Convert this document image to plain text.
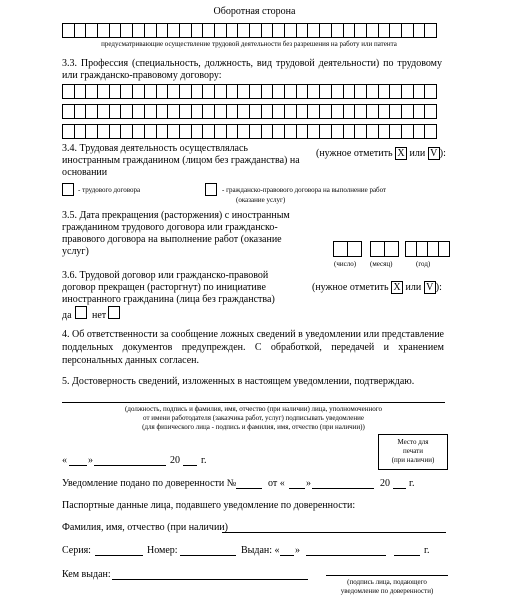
Оборотная сторона
предусматривающие осуществление трудовой деятельности без разрешения на работу или патента
3.3. Профессия (специальность, должность, вид трудовой деятельности) по трудовому или гражданско-правовому договору:
3.4. Трудовая деятельность осуществлялась иностранным гражданином (лицом без гражданства) на основании
(нужное отметить X или V ):
- трудового договора	- гражданско-правового договора на выполнение работ
(оказание услуг)
3.5. Дата прекращения (расторжения) с иностранным гражданином трудового договора или гражданско-правового договора на выполнение работ (оказание услуг)
(число) (месяц)	(год)
3.6. Трудовой договор или гражданско-правовой договор прекращен (расторгнут) по инициативе иностранного гражданина (лица без гражданства)
(нужное отметить X или V ):
да нет
4. Об ответственности за сообщение ложных сведений в уведомлении или представление поддельных документов предупрежден. С обработкой, передачей и хранением персональных данных согласен.
5. Достоверность сведений, изложенных в настоящем уведомлении, подтверждаю.
(должность, подпись и фамилия, имя, отчество (при наличии) лица, уполномоченного
от имени работодателя (заказчика работ, услуг) подписывать уведомление
(для физического лица - подпись и фамилия, имя, отчество (при наличии))
Место для
печати
(при наличии)
« »	20 г.
Уведомление подано по доверенности №	от « »	20 г.
Паспортные данные лица, подавшего уведомление по доверенности:
Фамилия, имя, отчество (при наличии)
Серия:	Номер:	Выдан: « »	г.
Кем выдан:
(подпись лица, подающего
уведомление по доверенности)
